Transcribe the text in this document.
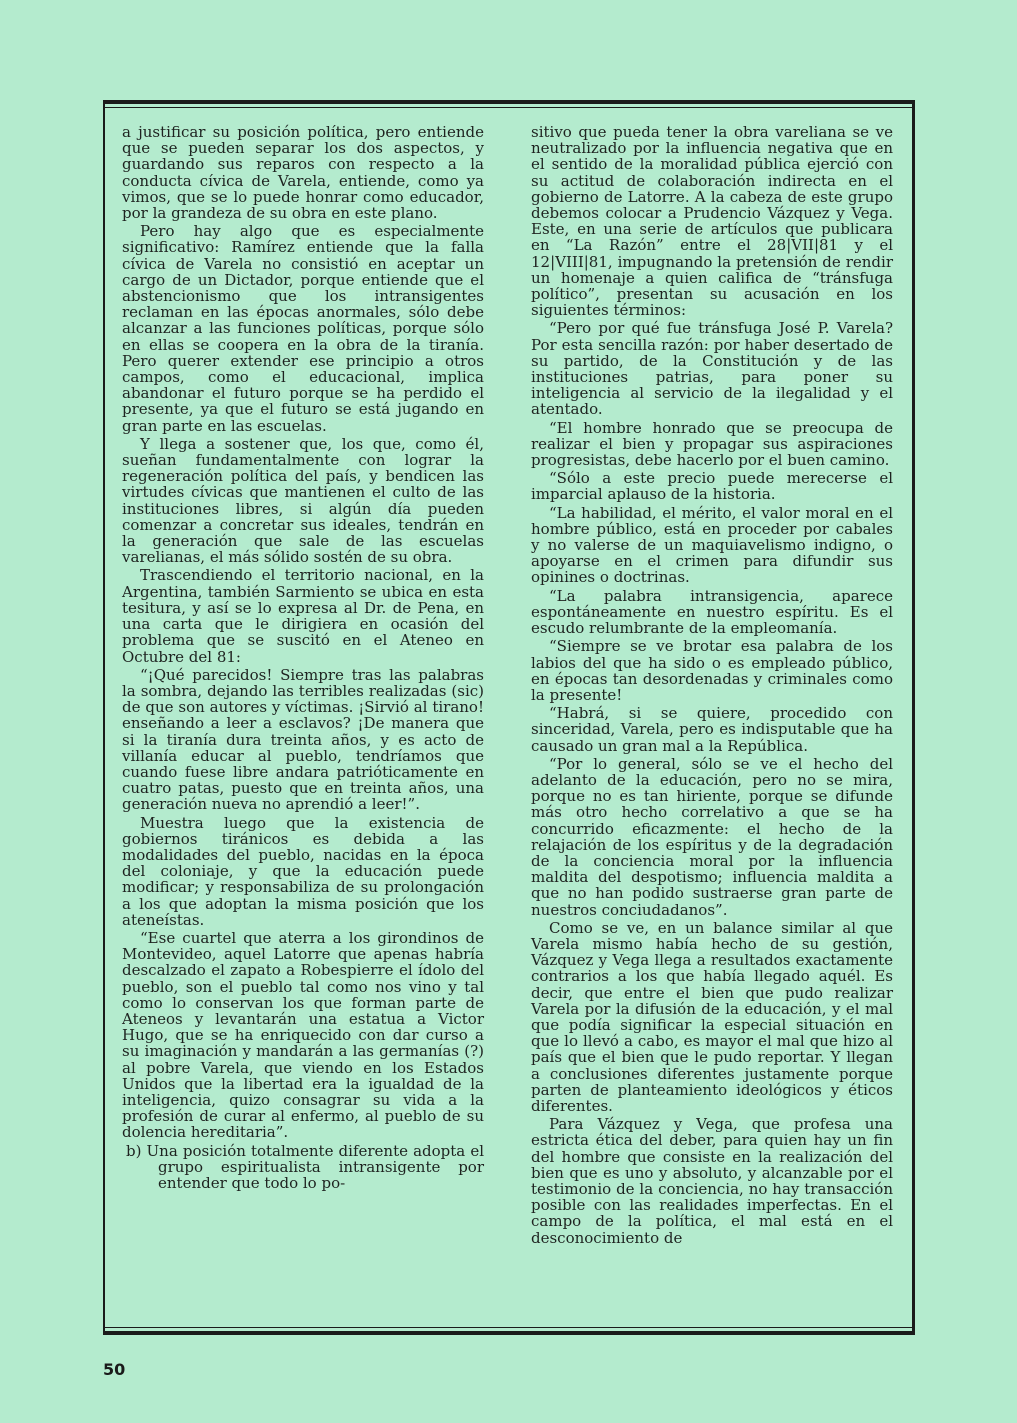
a justificar su posición política, pero entiende que se pueden separar los dos aspectos, y guardando sus reparos con respecto a la conducta cívica de Varela, entiende, como ya vimos, que se lo puede honrar como educador, por la grandeza de su obra en este plano.

Pero hay algo que es especialmente significativo: Ramírez entiende que la falla cívica de Varela no consistió en aceptar un cargo de un Dictador, porque entiende que el abstencionismo que los intransigentes reclaman en las épocas anormales, sólo debe alcanzar a las funciones políticas, porque sólo en ellas se coopera en la obra de la tiranía. Pero querer extender ese principio a otros campos, como el educacional, implica abandonar el futuro porque se ha perdido el presente, ya que el futuro se está jugando en gran parte en las escuelas.

Y llega a sostener que, los que, como él, sueñan fundamentalmente con lograr la regeneración política del país, y bendicen las virtudes cívicas que mantienen el culto de las instituciones libres, si algún día pueden comenzar a concretar sus ideales, tendrán en la generación que sale de las escuelas varelianas, el más sólido sostén de su obra.

Trascendiendo el territorio nacional, en la Argentina, también Sarmiento se ubica en esta tesitura, y así se lo expresa al Dr. de Pena, en una carta que le dirigiera en ocasión del problema que se suscitó en el Ateneo en Octubre del 81:

“¡Qué parecidos! Siempre tras las palabras la sombra, dejando las terribles realizadas (sic) de que son autores y víctimas. ¡Sirvió al tirano! enseñando a leer a esclavos? ¡De manera que si la tiranía dura treinta años, y es acto de villanía educar al pueblo, tendríamos que cuando fuese libre andara patrióticamente en cuatro patas, puesto que en treinta años, una generación nueva no aprendió a leer!”.

Muestra luego que la existencia de gobiernos tiránicos es debida a las modalidades del pueblo, nacidas en la época del coloniaje, y que la educación puede modificar; y responsabiliza de su prolongación a los que adoptan la misma posición que los ateneístas.

“Ese cuartel que aterra a los girondinos de Montevideo, aquel Latorre que apenas habría descalzado el zapato a Robespierre el ídolo del pueblo, son el pueblo tal como nos vino y tal como lo conservan los que forman parte de Ateneos y levantarán una estatua a Victor Hugo, que se ha enriquecido con dar curso a su imaginación y mandarán a las germanías (?) al pobre Varela, que viendo en los Estados Unidos que la libertad era la igualdad de la inteligencia, quizo consagrar su vida a la profesión de curar al enfermo, al pueblo de su dolencia hereditaria”.

b) Una posición totalmente diferente adopta el grupo espiritualista intransigente por entender que todo lo po-

sitivo que pueda tener la obra vareliana se ve neutralizado por la influencia negativa que en el sentido de la moralidad pública ejerció con su actitud de colaboración indirecta en el gobierno de Latorre. A la cabeza de este grupo debemos colocar a Prudencio Vázquez y Vega. Este, en una serie de artículos que publicara en “La Razón” entre el 28|VII|81 y el 12|VIII|81, impugnando la pretensión de rendir un homenaje a quien califica de “tránsfuga político”, presentan su acusación en los siguientes términos:

“Pero por qué fue tránsfuga José P. Varela? Por esta sencilla razón: por haber desertado de su partido, de la Constitución y de las instituciones patrias, para poner su inteligencia al servicio de la ilegalidad y el atentado.

“El hombre honrado que se preocupa de realizar el bien y propagar sus aspiraciones progresistas, debe hacerlo por el buen camino.

“Sólo a este precio puede merecerse el imparcial aplauso de la historia.

“La habilidad, el mérito, el valor moral en el hombre público, está en proceder por cabales y no valerse de un maquiavelismo indigno, o apoyarse en el crimen para difundir sus opinines o doctrinas.

“La palabra intransigencia, aparece espontáneamente en nuestro espíritu. Es el escudo relumbrante de la empleomanía.

“Siempre se ve brotar esa palabra de los labios del que ha sido o es empleado público, en épocas tan desordenadas y criminales como la presente!

“Habrá, si se quiere, procedido con sinceridad, Varela, pero es indisputable que ha causado un gran mal a la República.

“Por lo general, sólo se ve el hecho del adelanto de la educación, pero no se mira, porque no es tan hiriente, porque se difunde más otro hecho correlativo a que se ha concurrido eficazmente: el hecho de la relajación de los espíritus y de la degradación de la conciencia moral por la influencia maldita del despotismo; influencia maldita a que no han podido sustraerse gran parte de nuestros conciudadanos”.

Como se ve, en un balance similar al que Varela mismo había hecho de su gestión, Vázquez y Vega llega a resultados exactamente contrarios a los que había llegado aquél. Es decir, que entre el bien que pudo realizar Varela por la difusión de la educación, y el mal que podía significar la especial situación en que lo llevó a cabo, es mayor el mal que hizo al país que el bien que le pudo reportar. Y llegan a conclusiones diferentes justamente porque parten de planteamiento ideológicos y éticos diferentes.

Para Vázquez y Vega, que profesa una estricta ética del deber, para quien hay un fin del hombre que consiste en la realización del bien que es uno y absoluto, y alcanzable por el testimonio de la conciencia, no hay transacción posible con las realidades imperfectas. En el campo de la política, el mal está en el desconocimiento de

50
